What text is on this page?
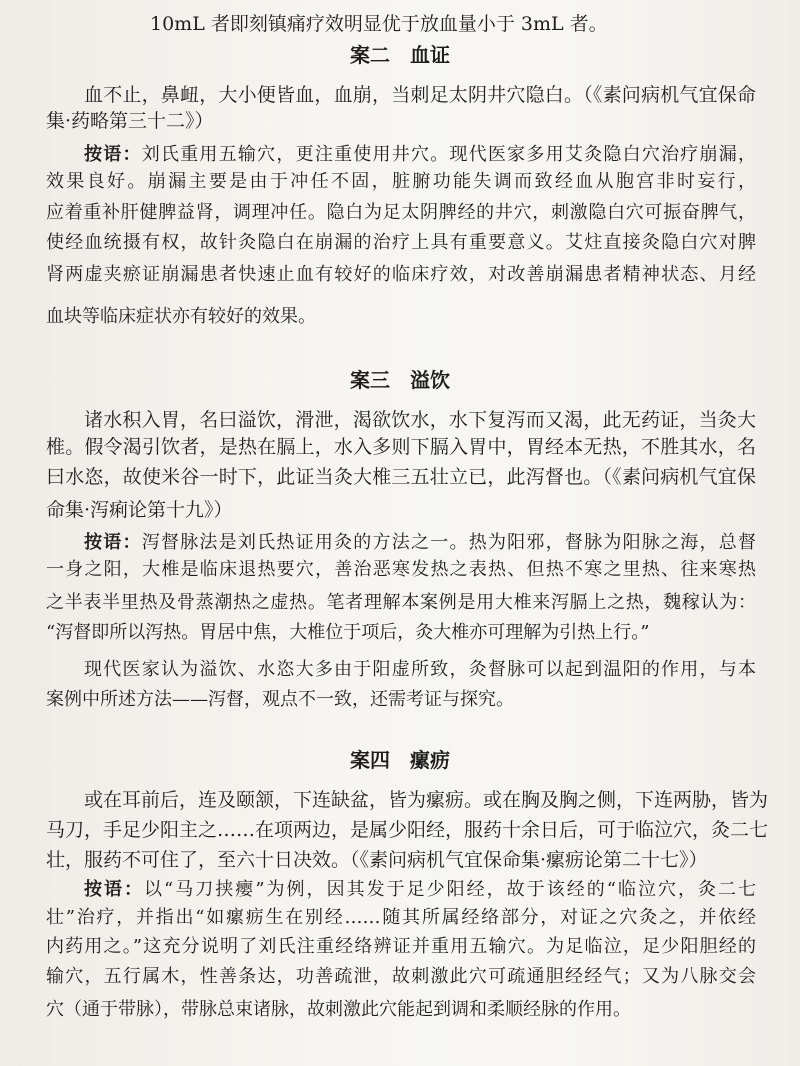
10mL 者即刻镇痛疗效明显优于放血量小于 3mL 者。
案二　血证
血不止，鼻衄，大小便皆血，血崩，当刺足太阴井穴隐白。（《素问病机气宜保命
集·药略第三十二》）
按语：刘氏重用五输穴，更注重使用井穴。现代医家多用艾灸隐白穴治疗崩漏，
效果良好。崩漏主要是由于冲任不固，脏腑功能失调而致经血从胞宫非时妄行，
应着重补肝健脾益肾，调理冲任。隐白为足太阴脾经的井穴，刺激隐白穴可振奋脾气，
使经血统摄有权，故针灸隐白在崩漏的治疗上具有重要意义。艾炷直接灸隐白穴对脾
肾两虚夹瘀证崩漏患者快速止血有较好的临床疗效，对改善崩漏患者精神状态、月经
血块等临床症状亦有较好的效果。
案三　溢饮
诸水积入胃，名曰溢饮，滑泄，渴欲饮水，水下复泻而又渴，此无药证，当灸大
椎。假令渴引饮者，是热在膈上，水入多则下膈入胃中，胃经本无热，不胜其水，名
曰水恣，故使米谷一时下，此证当灸大椎三五壮立已，此泻督也。（《素问病机气宜保
命集·泻痢论第十九》）
按语：泻督脉法是刘氏热证用灸的方法之一。热为阳邪，督脉为阳脉之海，总督
一身之阳，大椎是临床退热要穴，善治恶寒发热之表热、但热不寒之里热、往来寒热
之半表半里热及骨蒸潮热之虚热。笔者理解本案例是用大椎来泻膈上之热，魏稼认为：
“泻督即所以泻热。胃居中焦，大椎位于项后，灸大椎亦可理解为引热上行。”
现代医家认为溢饮、水恣大多由于阳虚所致，灸督脉可以起到温阳的作用，与本
案例中所述方法——泻督，观点不一致，还需考证与探究。
案四　瘰疬
或在耳前后，连及颐颔，下连缺盆，皆为瘰疬。或在胸及胸之侧，下连两胁，皆为
马刀，手足少阳主之……在项两边，是属少阳经，服药十余日后，可于临泣穴，灸二七
壮，服药不可住了，至六十日决效。（《素问病机气宜保命集·瘰疬论第二十七》）
按语：以“马刀挟瘿”为例，因其发于足少阳经，故于该经的“临泣穴，灸二七
壮”治疗，并指出“如瘰疬生在别经……随其所属经络部分，对证之穴灸之，并依经
内药用之。”这充分说明了刘氏注重经络辨证并重用五输穴。为足临泣，足少阳胆经的
输穴，五行属木，性善条达，功善疏泄，故刺激此穴可疏通胆经经气；又为八脉交会
穴（通于带脉），带脉总束诸脉，故刺激此穴能起到调和柔顺经脉的作用。
